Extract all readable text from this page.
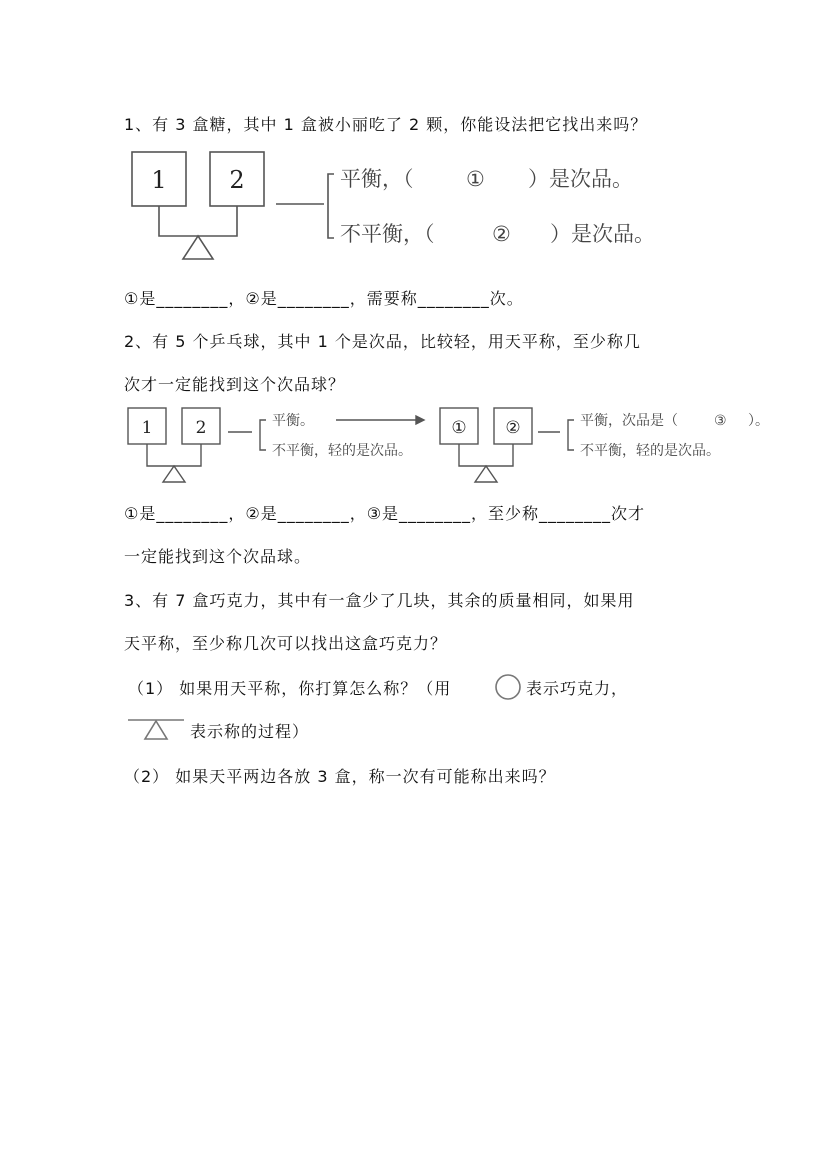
1、有 3 盒糖，其中 1 盒被小丽吃了 2 颗，你能设法把它找出来吗？
1	2	平衡，（	① ）是次品。
不平衡，（	② ）是次品。
①是________，②是________，需要称________次。
2、有 5 个乒乓球，其中 1 个是次品，比较轻，用天平称，至少称几
次才一定能找到这个次品球？
1	2	平衡。
不平衡，轻的是次品。
① ②	平衡，次品是（	③ ）。
不平衡，轻的是次品。
①是________，②是________，③是________，至少称________次才
一定能找到这个次品球。
3、有 7 盒巧克力，其中有一盒少了几块，其余的质量相同，如果用
天平称，至少称几次可以找出这盒巧克力？
（1） 如果用天平称，你打算怎么称？（用	表示巧克力，
表示称的过程）
（2） 如果天平两边各放 3 盒，称一次有可能称出来吗？
